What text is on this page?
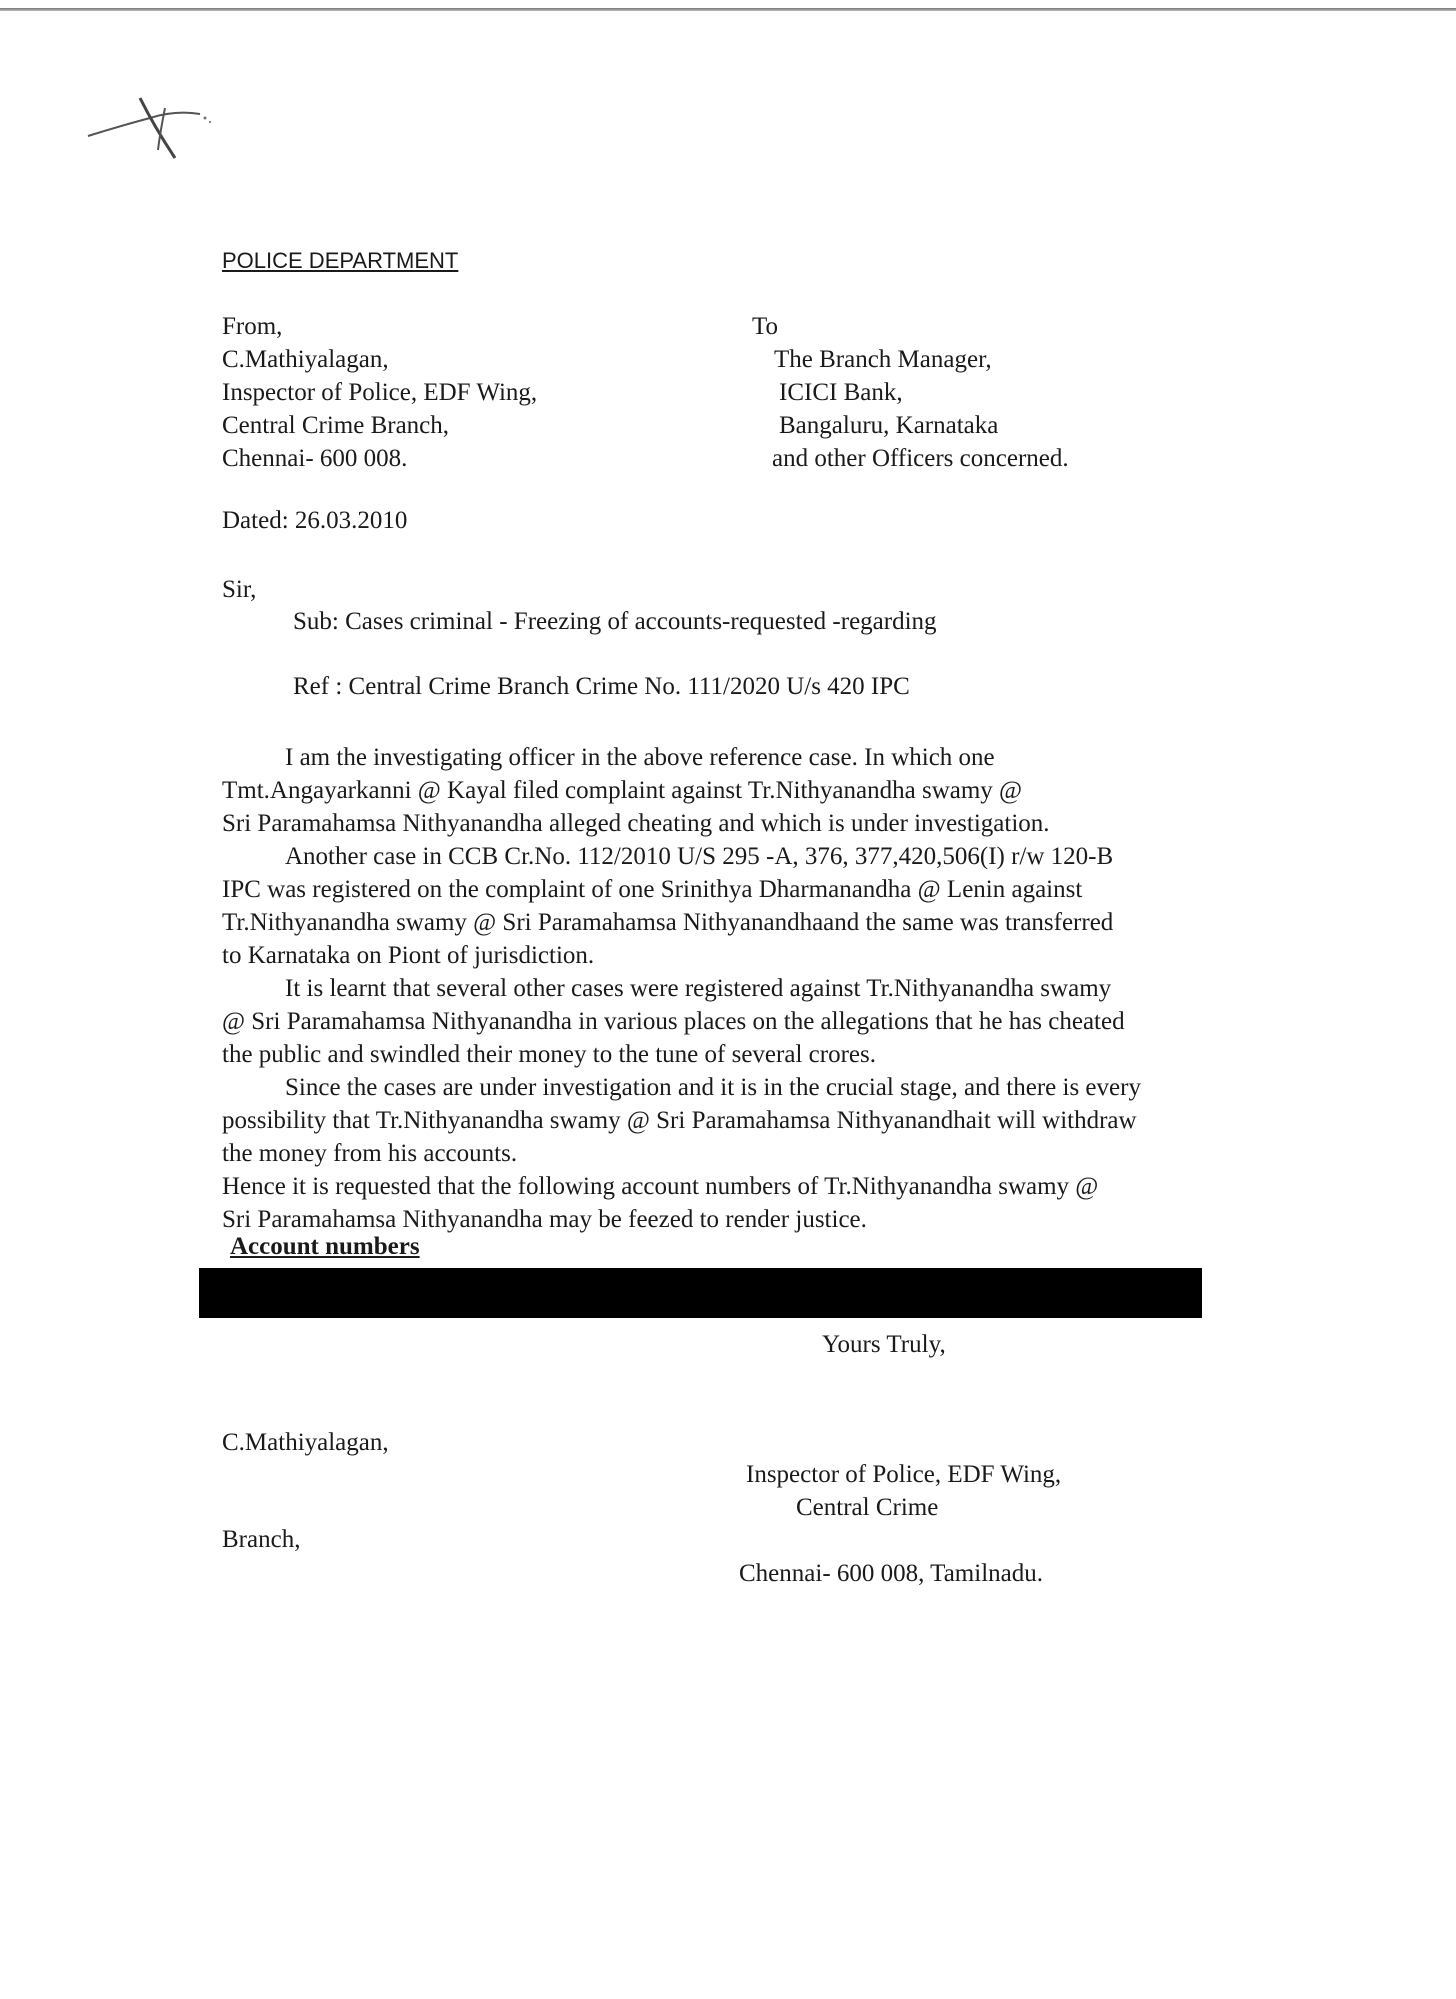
POLICE DEPARTMENT
From,
C.Mathiyalagan,
Inspector of Police, EDF Wing,
Central Crime Branch,
Chennai- 600 008.
To
The Branch Manager,
ICICI Bank,
Bangaluru, Karnataka
and other Officers concerned.
Dated: 26.03.2010
Sir,
Sub: Cases criminal - Freezing of accounts-requested -regarding
Ref : Central Crime Branch Crime No. 111/2020 U/s 420 IPC
I am the investigating officer in the above reference case. In which one
Tmt.Angayarkanni @ Kayal filed complaint against Tr.Nithyanandha swamy @
Sri Paramahamsa Nithyanandha alleged cheating and which is under investigation.
Another case in CCB Cr.No. 112/2010 U/S 295 -A, 376, 377,420,506(I) r/w 120-B
IPC was registered on the complaint of one Srinithya Dharmanandha @ Lenin against
Tr.Nithyanandha swamy @ Sri Paramahamsa Nithyanandhaand the same was transferred
to Karnataka on Piont of jurisdiction.
It is learnt that several other cases were registered against Tr.Nithyanandha swamy
@ Sri Paramahamsa Nithyanandha in various places on the allegations that he has cheated
the public and swindled their money to the tune of several crores.
Since the cases are under investigation and it is in the crucial stage, and there is every
possibility that Tr.Nithyanandha swamy @ Sri Paramahamsa Nithyanandhait will withdraw
the money from his accounts.
Hence it is requested that the following account numbers of Tr.Nithyanandha swamy @
Sri Paramahamsa Nithyanandha may be feezed to render justice.
Account numbers
Yours Truly,
C.Mathiyalagan,
Inspector of Police, EDF Wing,
Central Crime
Branch,
Chennai- 600 008, Tamilnadu.
